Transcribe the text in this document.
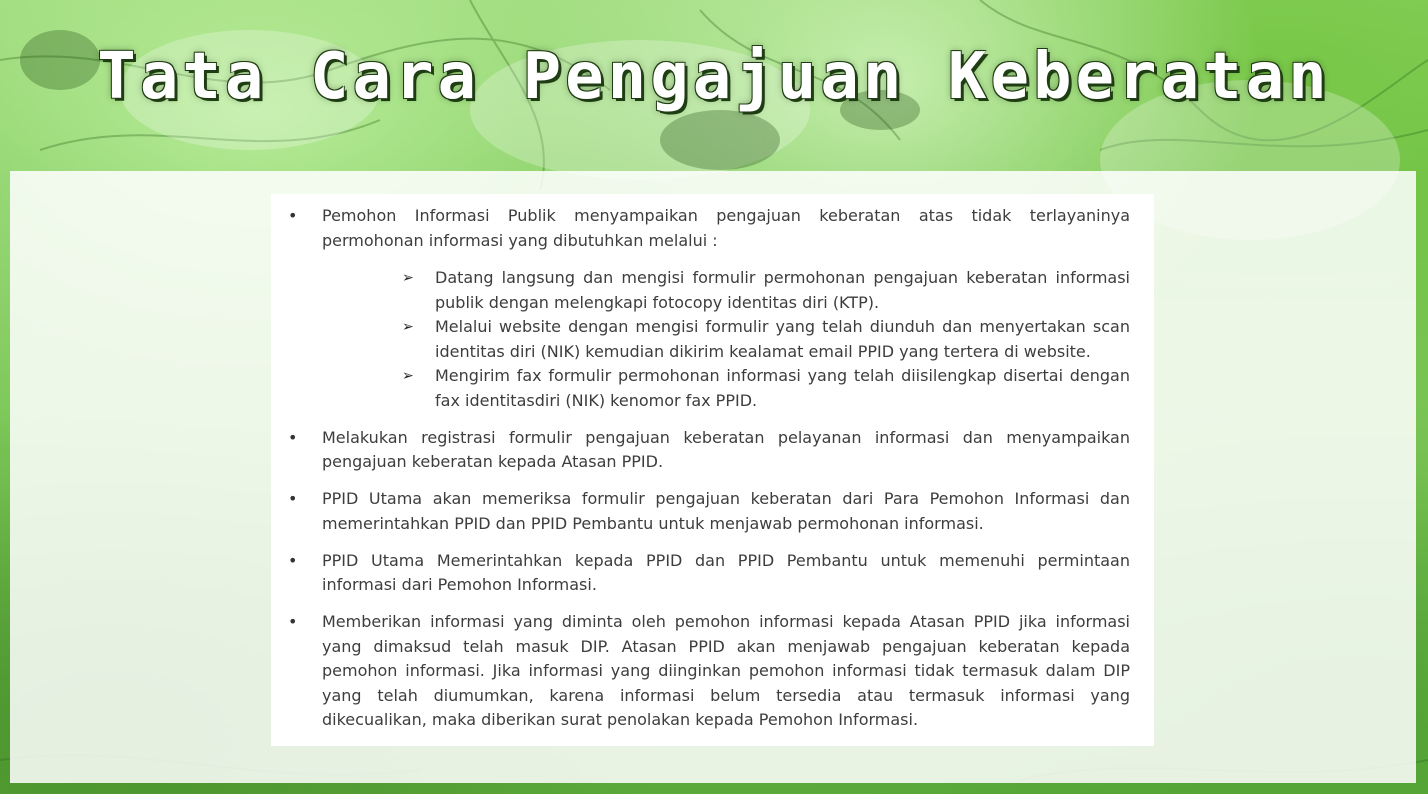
Tata Cara Pengajuan Keberatan
• Pemohon Informasi Publik menyampaikan pengajuan keberatan atas tidak terlayaninya permohonan informasi yang dibutuhkan melalui :
➢ Datang langsung dan mengisi formulir permohonan pengajuan keberatan informasi publik dengan melengkapi fotocopy identitas diri (KTP).
➢ Melalui website dengan mengisi formulir yang telah diunduh dan menyertakan scan identitas diri (NIK) kemudian dikirim kealamat email PPID yang tertera di website.
➢ Mengirim fax formulir permohonan informasi yang telah diisilengkap disertai dengan fax identitasdiri (NIK) kenomor fax PPID.
• Melakukan registrasi formulir pengajuan keberatan pelayanan informasi dan menyampaikan pengajuan keberatan kepada Atasan PPID.
• PPID Utama akan memeriksa formulir pengajuan keberatan dari Para Pemohon Informasi dan memerintahkan PPID dan PPID Pembantu untuk menjawab permohonan informasi.
• PPID Utama Memerintahkan kepada PPID dan PPID Pembantu untuk memenuhi permintaan informasi dari Pemohon Informasi.
• Memberikan informasi yang diminta oleh pemohon informasi kepada Atasan PPID jika informasi yang dimaksud telah masuk DIP. Atasan PPID akan menjawab pengajuan keberatan kepada pemohon informasi. Jika informasi yang diinginkan pemohon informasi tidak termasuk dalam DIP yang telah diumumkan, karena informasi belum tersedia atau termasuk informasi yang dikecualikan, maka diberikan surat penolakan kepada Pemohon Informasi.
